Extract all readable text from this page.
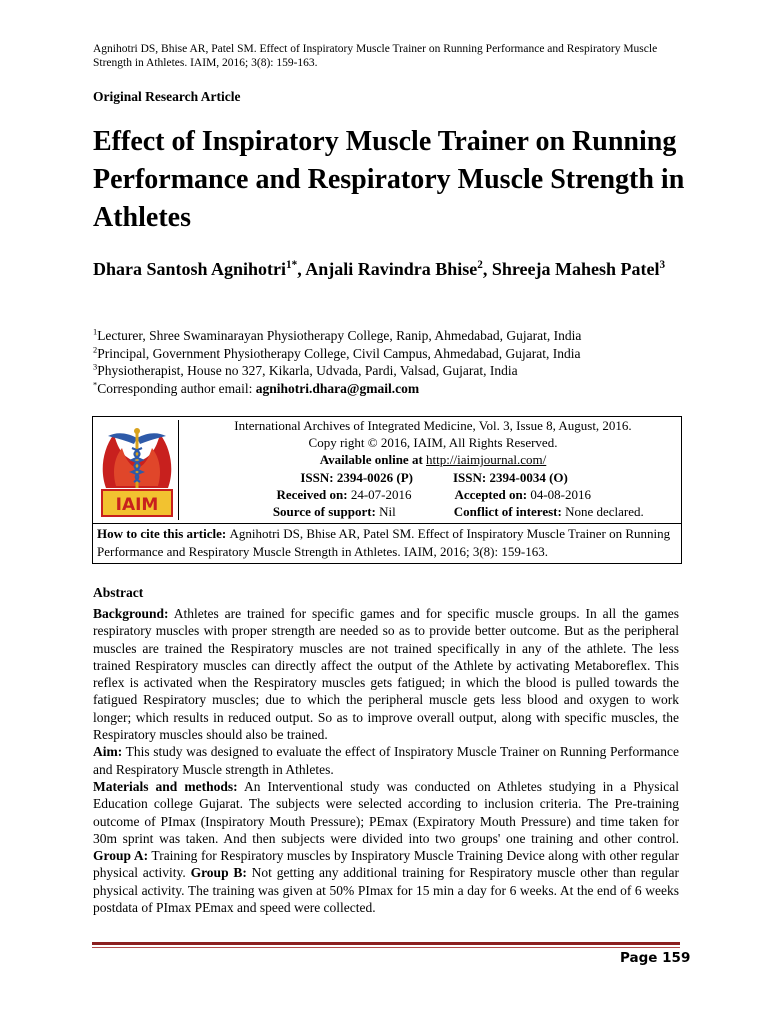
Agnihotri DS, Bhise AR, Patel SM. Effect of Inspiratory Muscle Trainer on Running Performance and Respiratory Muscle Strength in Athletes. IAIM, 2016; 3(8): 159-163.
Original Research Article
Effect of Inspiratory Muscle Trainer on Running Performance and Respiratory Muscle Strength in Athletes
Dhara Santosh Agnihotri$^{1*}$, Anjali Ravindra Bhise$^2$, Shreeja Mahesh Patel$^3$
$^1$Lecturer, Shree Swaminarayan Physiotherapy College, Ranip, Ahmedabad, Gujarat, India
$^2$Principal, Government Physiotherapy College, Civil Campus, Ahmedabad, Gujarat, India
$^3$Physiotherapist, House no 327, Kikarla, Udvada, Pardi, Valsad, Gujarat, India
*Corresponding author email: agnihotri.dhara@gmail.com
IAIM
International Archives of Integrated Medicine, Vol. 3, Issue 8, August, 2016.
Copy right © 2016, IAIM, All Rights Reserved.
Available online at http://iaimjournal.com/
ISSN: 2394-0026 (P)	ISSN: 2394-0034 (O)
Received on: 24-07-2016	Accepted on: 04-08-2016
Source of support: Nil	Conflict of interest: None declared.
How to cite this article: Agnihotri DS, Bhise AR, Patel SM. Effect of Inspiratory Muscle Trainer on Running Performance and Respiratory Muscle Strength in Athletes. IAIM, 2016; 3(8): 159-163.
Abstract

Background: Athletes are trained for specific games and for specific muscle groups. In all the games respiratory muscles with proper strength are needed so as to provide better outcome. But as the peripheral muscles are trained the Respiratory muscles are not trained specifically in any of the athlete. The less trained Respiratory muscles can directly affect the output of the Athlete by activating Metaboreflex. This reflex is activated when the Respiratory muscles gets fatigued; in which the blood is pulled towards the fatigued Respiratory muscles; due to which the peripheral muscle gets less blood and oxygen to work longer; which results in reduced output. So as to improve overall output, along with specific muscles, the Respiratory muscles should also be trained.

Aim: This study was designed to evaluate the effect of Inspiratory Muscle Trainer on Running Performance and Respiratory Muscle strength in Athletes.

Materials and methods: An Interventional study was conducted on Athletes studying in a Physical Education college Gujarat. The subjects were selected according to inclusion criteria. The Pre-training outcome of PImax (Inspiratory Mouth Pressure); PEmax (Expiratory Mouth Pressure) and time taken for 30m sprint was taken. And then subjects were divided into two groups' one training and other control. Group A: Training for Respiratory muscles by Inspiratory Muscle Training Device along with other regular physical activity. Group B: Not getting any additional training for Respiratory muscle other than regular physical activity. The training was given at 50% PImax for 15 min a day for 6 weeks. At the end of 6 weeks postdata of PImax PEmax and speed were collected.

Page 159
